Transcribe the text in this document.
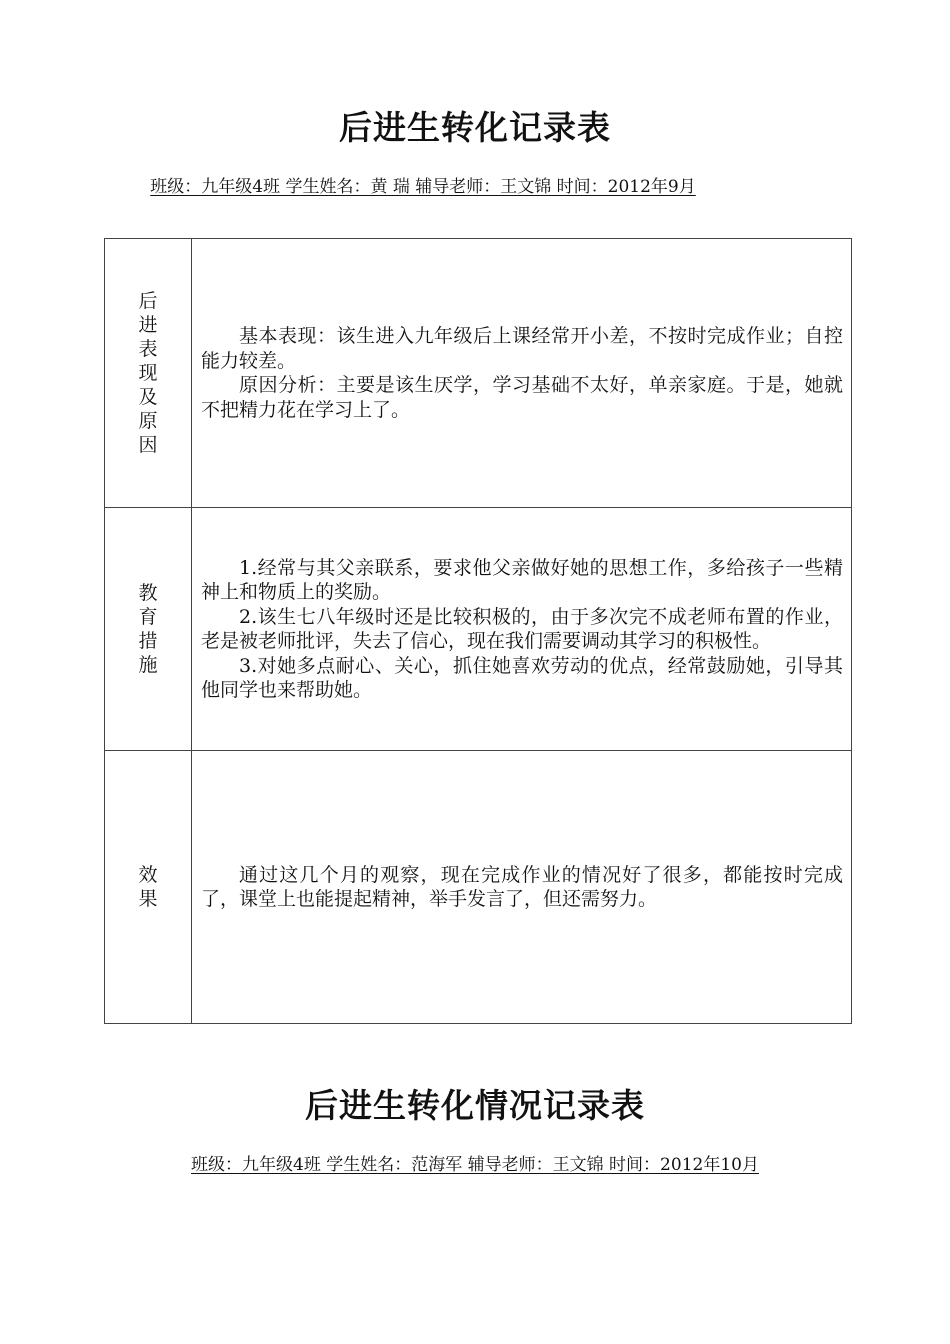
后进生转化记录表
班级：九年级4班 学生姓名：黄 瑞 辅导老师：王文锦 时间：2012年9月
后进表现及原因	基本表现：该生进入九年级后上课经常开小差，不按时完成作业；自控能力较差。

原因分析：主要是该生厌学，学习基础不太好，单亲家庭。于是，她就不把精力花在学习上了。

教育措施	1.经常与其父亲联系，要求他父亲做好她的思想工作，多给孩子一些精神上和物质上的奖励。

2.该生七八年级时还是比较积极的，由于多次完不成老师布置的作业，老是被老师批评，失去了信心，现在我们需要调动其学习的积极性。

3.对她多点耐心、关心，抓住她喜欢劳动的优点，经常鼓励她，引导其他同学也来帮助她。

效果	通过这几个月的观察，现在完成作业的情况好了很多，都能按时完成了，课堂上也能提起精神，举手发言了，但还需努力。

后进生转化情况记录表
班级：九年级4班 学生姓名：范海军 辅导老师：王文锦 时间：2012年10月
